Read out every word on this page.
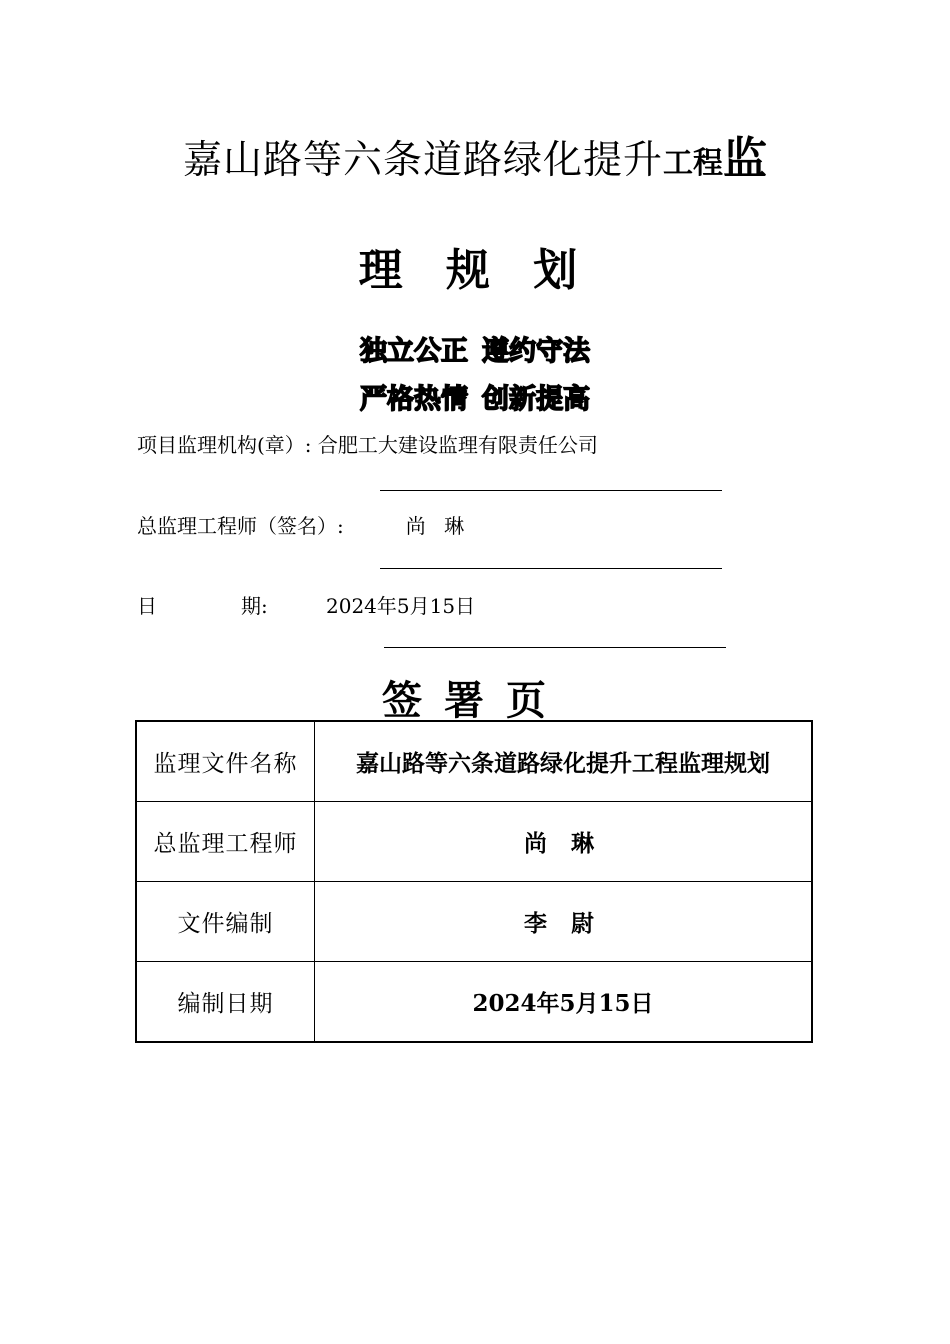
嘉山路等六条道路绿化提升工程监
理 规 划
独立公正 遵约守法
严格热情 创新提高
项目监理机构(章）: 合肥工大建设监理有限责任公司
总监理工程师（签名）:	尚 琳
日	期:	2024年5月15日
签署页
监理文件名称	嘉山路等六条道路绿化提升工程监理规划
总监理工程师	尚 琳
文件编制	李 尉
编制日期	2024年5月15日
